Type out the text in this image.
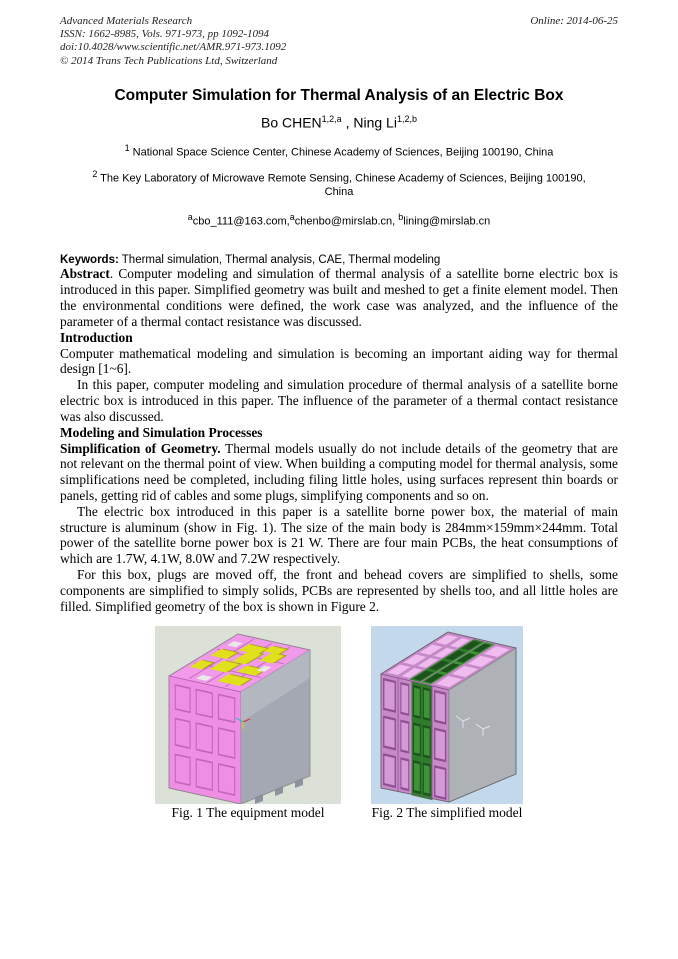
Advanced Materials Research
ISSN: 1662-8985, Vols. 971-973, pp 1092-1094
doi:10.4028/www.scientific.net/AMR.971-973.1092
© 2014 Trans Tech Publications Ltd, Switzerland
Online: 2014-06-25
Computer Simulation for Thermal Analysis of an Electric Box
Bo CHEN$^{1,2,a}$ , Ning Li$^{1,2,b}$
$^1$ National Space Science Center, Chinese Academy of Sciences, Beijing 100190, China
$^2$ The Key Laboratory of Microwave Remote Sensing, Chinese Academy of Sciences, Beijing 100190, China
$^a$cbo_111@163.com,$^a$chenbo@mirslab.cn, $^b$lining@mirslab.cn
Keywords: Thermal simulation, Thermal analysis, CAE, Thermal modeling

Abstract. Computer modeling and simulation of thermal analysis of a satellite borne electric box is introduced in this paper. Simplified geometry was built and meshed to get a finite element model. Then the environmental conditions were defined, the work case was analyzed, and the influence of the parameter of a thermal contact resistance was discussed.

Introduction

Computer mathematical modeling and simulation is becoming an important aiding way for thermal design [1~6].

In this paper, computer modeling and simulation procedure of thermal analysis of a satellite borne electric box is introduced in this paper. The influence of the parameter of a thermal contact resistance was also discussed.

Modeling and Simulation Processes

Simplification of Geometry. Thermal models usually do not include details of the geometry that are not relevant on the thermal point of view. When building a computing model for thermal analysis, some simplifications need be completed, including filing little holes, using surfaces represent thin boards or panels, getting rid of cables and some plugs, simplifying components and so on.

The electric box introduced in this paper is a satellite borne power box, the material of main structure is aluminum (show in Fig. 1). The size of the main body is 284mm×159mm×244mm. Total power of the satellite borne power box is 21 W. There are four main PCBs, the heat consumptions of which are 1.7W, 4.1W, 8.0W and 7.2W respectively.

For this box, plugs are moved off, the front and behead covers are simplified to shells, some components are simplified to simply solids, PCBs are represented by shells too, and all little holes are filled. Simplified geometry of the box is shown in Figure 2.

Fig. 1 The equipment model	Fig. 2 The simplified model
